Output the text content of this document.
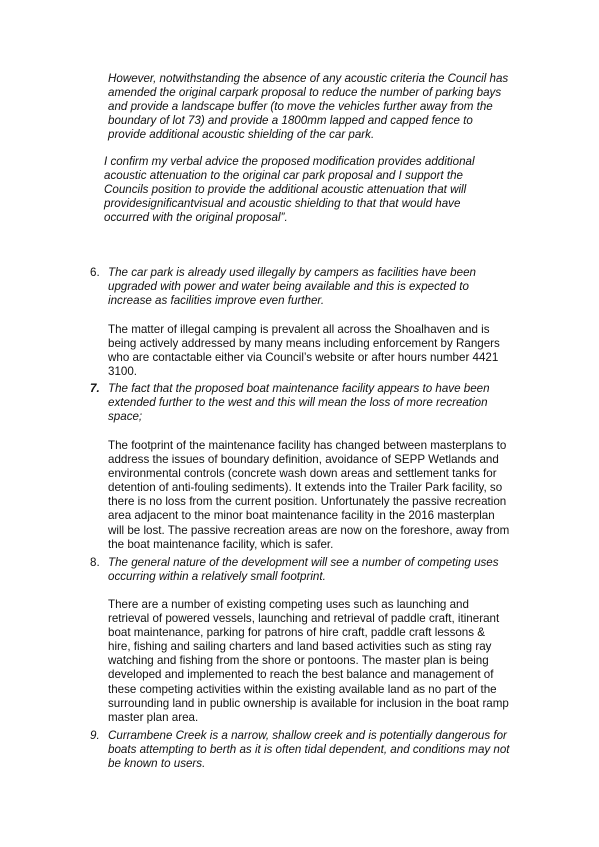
However, notwithstanding the absence of any acoustic criteria the Council has
amended the original carpark proposal to reduce the number of parking bays
and provide a landscape buffer (to move the vehicles further away from the
boundary of lot 73) and provide a 1800mm lapped and capped fence to
provide additional acoustic shielding of the car park.

I confirm my verbal advice the proposed modification provides additional
acoustic attenuation to the original car park proposal and I support the
Councils position to provide the additional acoustic attenuation that will
providesignificantvisual and acoustic shielding to that that would have
occurred with the original proposal”.

6. The car park is already used illegally by campers as facilities have been
upgraded with power and water being available and this is expected to
increase as facilities improve even further.

The matter of illegal camping is prevalent all across the Shoalhaven and is
being actively addressed by many means including enforcement by Rangers
who are contactable either via Council’s website or after hours number 4421
3100.

7. The fact that the proposed boat maintenance facility appears to have been
extended further to the west and this will mean the loss of more recreation
space;

The footprint of the maintenance facility has changed between masterplans to
address the issues of boundary definition, avoidance of SEPP Wetlands and
environmental controls (concrete wash down areas and settlement tanks for
detention of anti-fouling sediments). It extends into the Trailer Park facility, so
there is no loss from the current position. Unfortunately the passive recreation
area adjacent to the minor boat maintenance facility in the 2016 masterplan
will be lost. The passive recreation areas are now on the foreshore, away from
the boat maintenance facility, which is safer.

8. The general nature of the development will see a number of competing uses
occurring within a relatively small footprint.

There are a number of existing competing uses such as launching and
retrieval of powered vessels, launching and retrieval of paddle craft, itinerant
boat maintenance, parking for patrons of hire craft, paddle craft lessons &
hire, fishing and sailing charters and land based activities such as sting ray
watching and fishing from the shore or pontoons. The master plan is being
developed and implemented to reach the best balance and management of
these competing activities within the existing available land as no part of the
surrounding land in public ownership is available for inclusion in the boat ramp
master plan area.

9. Currambene Creek is a narrow, shallow creek and is potentially dangerous for
boats attempting to berth as it is often tidal dependent, and conditions may not
be known to users.
